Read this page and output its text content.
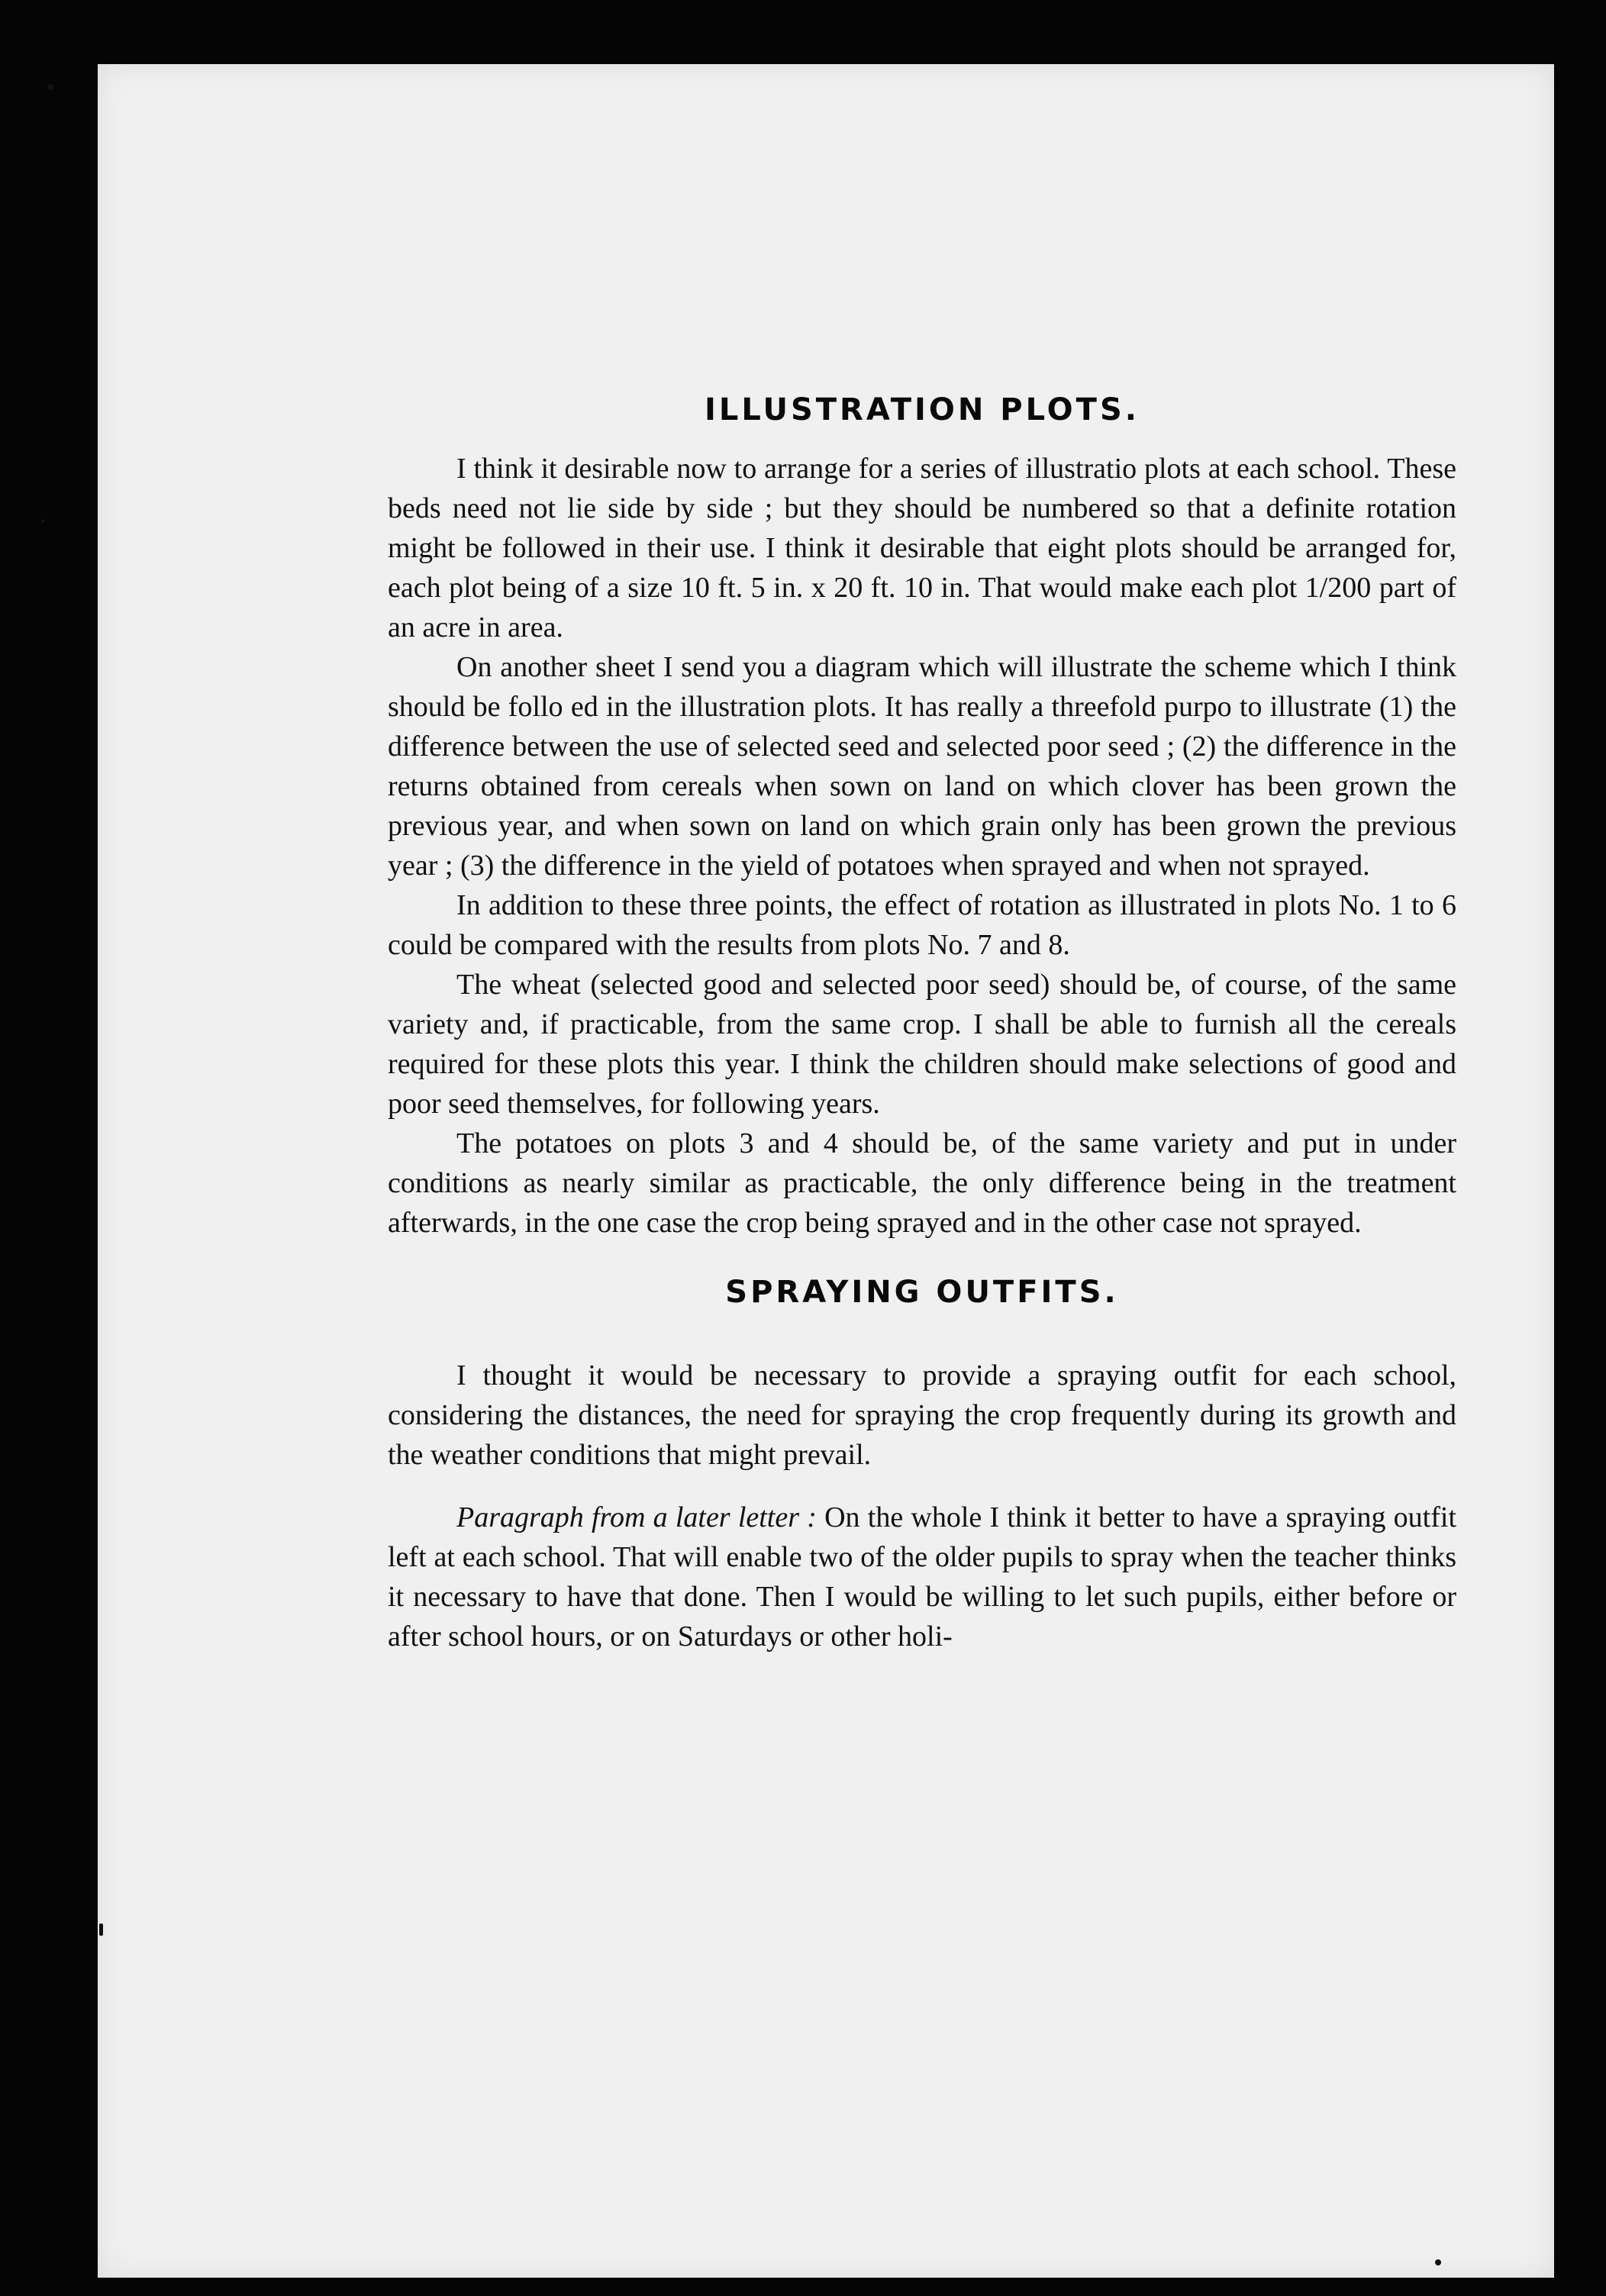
ILLUSTRATION PLOTS.

I think it desirable now to arrange for a series of illustratio plots at each school. These beds need not lie side by side ; but they should be numbered so that a definite rotation might be followed in their use. I think it desirable that eight plots should be arranged for, each plot being of a size 10 ft. 5 in. x 20 ft. 10 in. That would make each plot 1/200 part of an acre in area.

On another sheet I send you a diagram which will illustrate the scheme which I think should be follo ed in the illustration plots. It has really a threefold purpo to illustrate (1) the difference between the use of selected seed and selected poor seed ; (2) the difference in the returns obtained from cereals when sown on land on which clover has been grown the previous year, and when sown on land on which grain only has been grown the previous year ; (3) the difference in the yield of potatoes when sprayed and when not sprayed.

In addition to these three points, the effect of rotation as illustrated in plots No. 1 to 6 could be compared with the results from plots No. 7 and 8.

The wheat (selected good and selected poor seed) should be, of course, of the same variety and, if practicable, from the same crop. I shall be able to furnish all the cereals required for these plots this year. I think the children should make selections of good and poor seed themselves, for following years.

The potatoes on plots 3 and 4 should be, of the same variety and put in under conditions as nearly similar as practicable, the only difference being in the treatment afterwards, in the one case the crop being sprayed and in the other case not sprayed.

SPRAYING OUTFITS.

I thought it would be necessary to provide a spraying outfit for each school, considering the distances, the need for spraying the crop frequently during its growth and the weather conditions that might prevail.

Paragraph from a later letter : On the whole I think it better to have a spraying outfit left at each school. That will enable two of the older pupils to spray when the teacher thinks it necessary to have that done. Then I would be willing to let such pupils, either before or after school hours, or on Saturdays or other holi-
